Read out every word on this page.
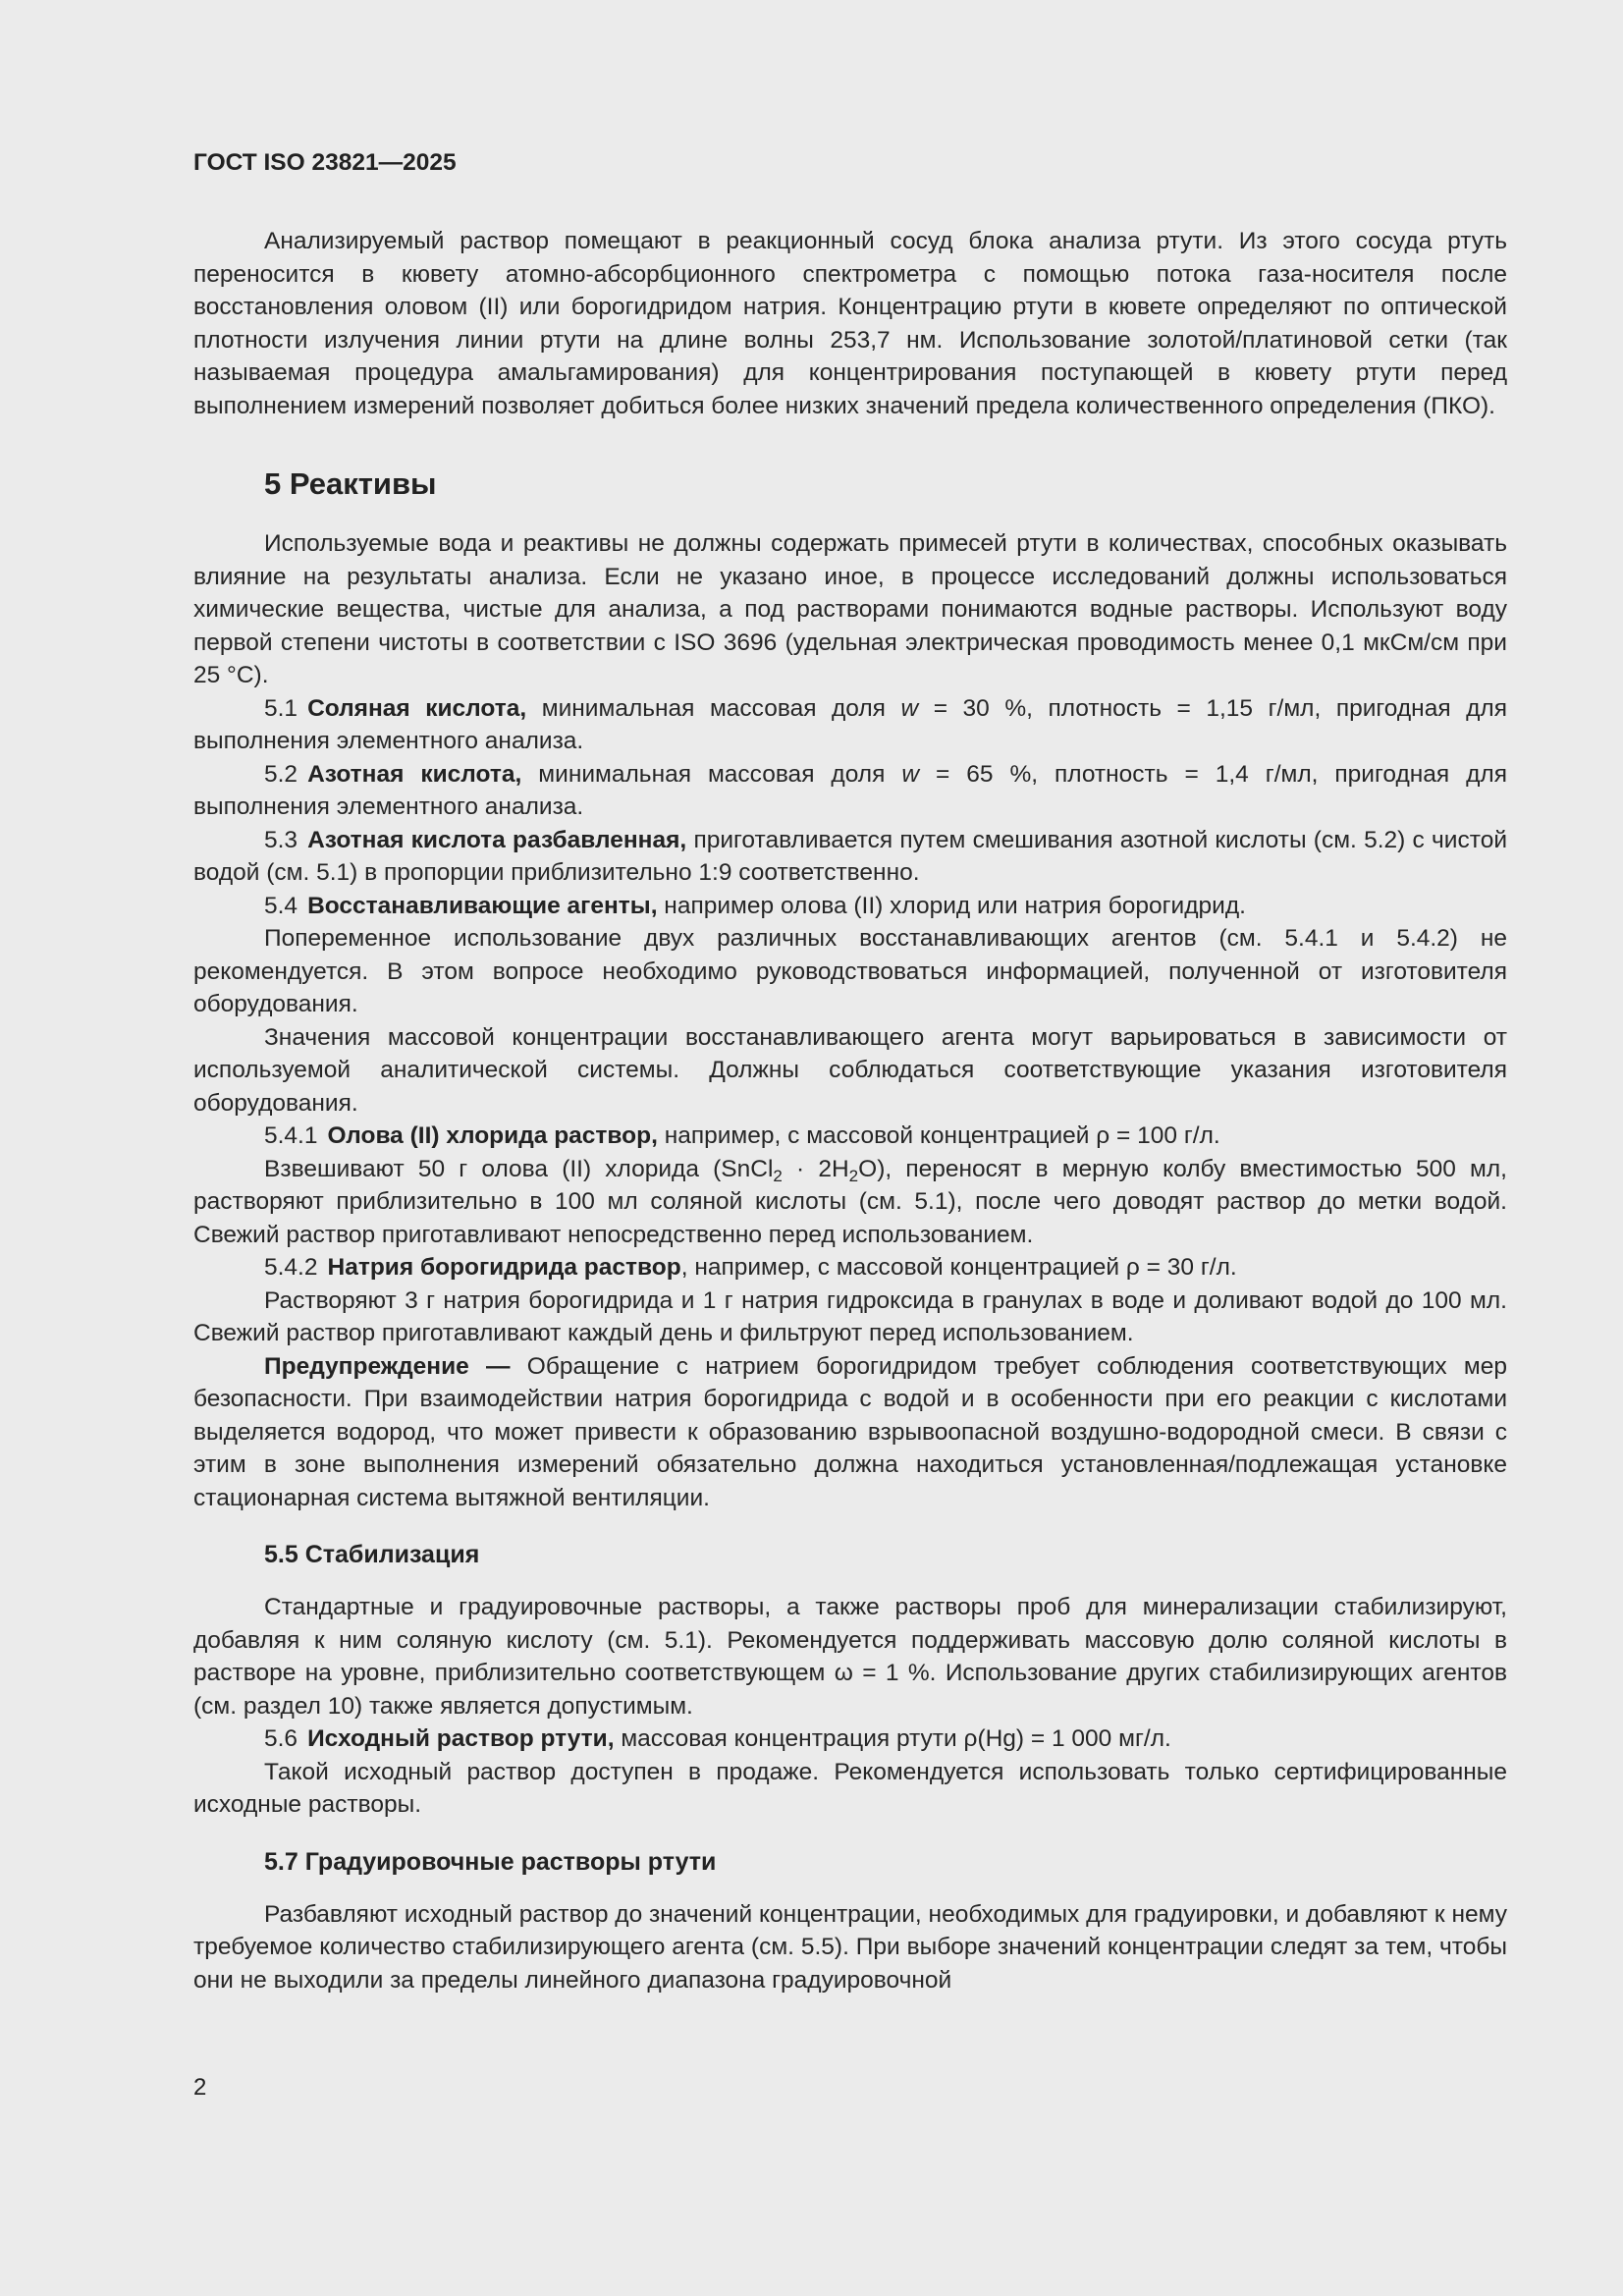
ГОСТ ISO 23821—2025

Анализируемый раствор помещают в реакционный сосуд блока анализа ртути. Из этого сосуда ртуть переносится в кювету атомно-абсорбционного спектрометра с помощью потока газа-носителя после восстановления оловом (II) или борогидридом натрия. Концентрацию ртути в кювете определяют по оптической плотности излучения линии ртути на длине волны 253,7 нм. Использование золотой/платиновой сетки (так называемая процедура амальгамирования) для концентрирования поступающей в кювету ртути перед выполнением измерений позволяет добиться более низких значений предела количественного определения (ПКО).

5 Реактивы

Используемые вода и реактивы не должны содержать примесей ртути в количествах, способных оказывать влияние на результаты анализа. Если не указано иное, в процессе исследований должны использоваться химические вещества, чистые для анализа, а под растворами понимаются водные растворы. Используют воду первой степени чистоты в соответствии с ISO 3696 (удельная электрическая проводимость менее 0,1 мкСм/см при 25 °С).

5.1 Соляная кислота, минимальная массовая доля w = 30 %, плотность = 1,15 г/мл, пригодная для выполнения элементного анализа.

5.2 Азотная кислота, минимальная массовая доля w = 65 %, плотность = 1,4 г/мл, пригодная для выполнения элементного анализа.

5.3 Азотная кислота разбавленная, приготавливается путем смешивания азотной кислоты (см. 5.2) с чистой водой (см. 5.1) в пропорции приблизительно 1:9 соответственно.

5.4 Восстанавливающие агенты, например олова (II) хлорид или натрия борогидрид.

Попеременное использование двух различных восстанавливающих агентов (см. 5.4.1 и 5.4.2) не рекомендуется. В этом вопросе необходимо руководствоваться информацией, полученной от изготовителя оборудования.

Значения массовой концентрации восстанавливающего агента могут варьироваться в зависимости от используемой аналитической системы. Должны соблюдаться соответствующие указания изготовителя оборудования.

5.4.1 Олова (II) хлорида раствор, например, с массовой концентрацией ρ = 100 г/л.

Взвешивают 50 г олова (II) хлорида (SnCl$_2$ · $2H_2O$), переносят в мерную колбу вместимостью 500 мл, растворяют приблизительно в 100 мл соляной кислоты (см. 5.1), после чего доводят раствор до метки водой. Свежий раствор приготавливают непосредственно перед использованием.

5.4.2 Натрия борогидрида раствор, например, с массовой концентрацией ρ = 30 г/л.

Растворяют 3 г натрия борогидрида и 1 г натрия гидроксида в гранулах в воде и доливают водой до 100 мл. Свежий раствор приготавливают каждый день и фильтруют перед использованием.

Предупреждение — Обращение с натрием борогидридом требует соблюдения соответствующих мер безопасности. При взаимодействии натрия борогидрида с водой и в особенности при его реакции с кислотами выделяется водород, что может привести к образованию взрывоопасной воздушно-водородной смеси. В связи с этим в зоне выполнения измерений обязательно должна находиться установленная/подлежащая установке стационарная система вытяжной вентиляции.

5.5 Стабилизация

Стандартные и градуировочные растворы, а также растворы проб для минерализации стабилизируют, добавляя к ним соляную кислоту (см. 5.1). Рекомендуется поддерживать массовую долю соляной кислоты в растворе на уровне, приблизительно соответствующем ω = 1 %. Использование других стабилизирующих агентов (см. раздел 10) также является допустимым.

5.6 Исходный раствор ртути, массовая концентрация ртути ρ(Hg) = 1 000 мг/л.

Такой исходный раствор доступен в продаже. Рекомендуется использовать только сертифицированные исходные растворы.

5.7 Градуировочные растворы ртути

Разбавляют исходный раствор до значений концентрации, необходимых для градуировки, и добавляют к нему требуемое количество стабилизирующего агента (см. 5.5). При выборе значений концентрации следят за тем, чтобы они не выходили за пределы линейного диапазона градуировочной

2
